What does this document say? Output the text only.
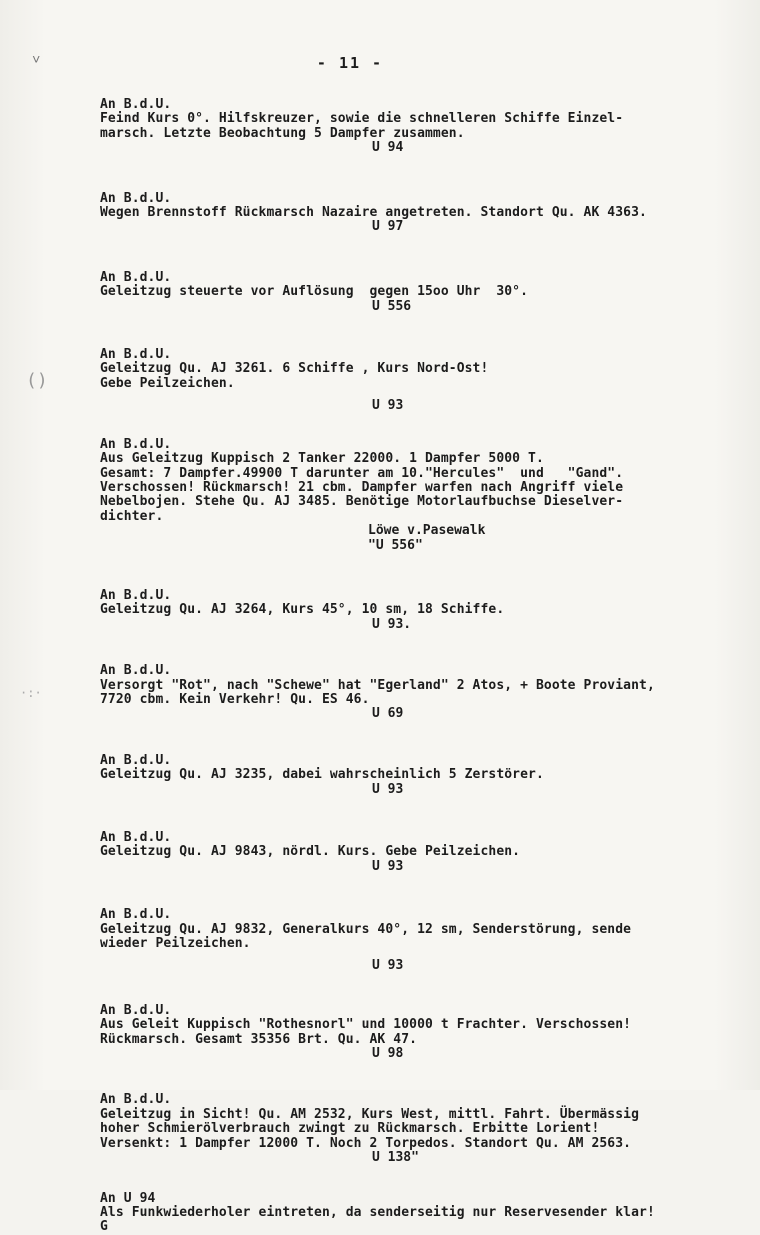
- 11 -
˅
()
·:·
An B.d.U.
Feind Kurs 0°. Hilfskreuzer, sowie die schnelleren Schiffe Einzel-
marsch. Letzte Beobachtung 5 Dampfer zusammen.
U 94
An B.d.U.
Wegen Brennstoff Rückmarsch Nazaire angetreten. Standort Qu. AK 4363.
U 97
An B.d.U.
Geleitzug steuerte vor Auflösung  gegen 15oo Uhr  30°.
U 556
An B.d.U.
Geleitzug Qu. AJ 3261. 6 Schiffe , Kurs Nord-Ost!
Gebe Peilzeichen.
U 93
An B.d.U.
Aus Geleitzug Kuppisch 2 Tanker 22000. 1 Dampfer 5000 T.
Gesamt: 7 Dampfer.49900 T darunter am 10."Hercules"  und   "Gand".
Verschossen! Rückmarsch! 21 cbm. Dampfer warfen nach Angriff viele
Nebelbojen. Stehe Qu. AJ 3485. Benötige Motorlaufbuchse Dieselver-
dichter.
Löwe v.Pasewalk
"U 556"
An B.d.U.
Geleitzug Qu. AJ 3264, Kurs 45°, 10 sm, 18 Schiffe.
U 93.
An B.d.U.
Versorgt "Rot", nach "Schewe" hat "Egerland" 2 Atos, + Boote Proviant,
7720 cbm. Kein Verkehr! Qu. ES 46.
U 69
An B.d.U.
Geleitzug Qu. AJ 3235, dabei wahrscheinlich 5 Zerstörer.
U 93
An B.d.U.
Geleitzug Qu. AJ 9843, nördl. Kurs. Gebe Peilzeichen.
U 93
An B.d.U.
Geleitzug Qu. AJ 9832, Generalkurs 40°, 12 sm, Senderstörung, sende
wieder Peilzeichen.
U 93
An B.d.U.
Aus Geleit Kuppisch "Rothesnorl" und 10000 t Frachter. Verschossen!
Rückmarsch. Gesamt 35356 Brt. Qu. AK 47.
U 98
An B.d.U.
Geleitzug in Sicht! Qu. AM 2532, Kurs West, mittl. Fahrt. Übermässig
hoher Schmierölverbrauch zwingt zu Rückmarsch. Erbitte Lorient!
Versenkt: 1 Dampfer 12000 T. Noch 2 Torpedos. Standort Qu. AM 2563.
U 138"
An U 94
Als Funkwiederholer eintreten, da senderseitig nur Reservesender klar!
G
